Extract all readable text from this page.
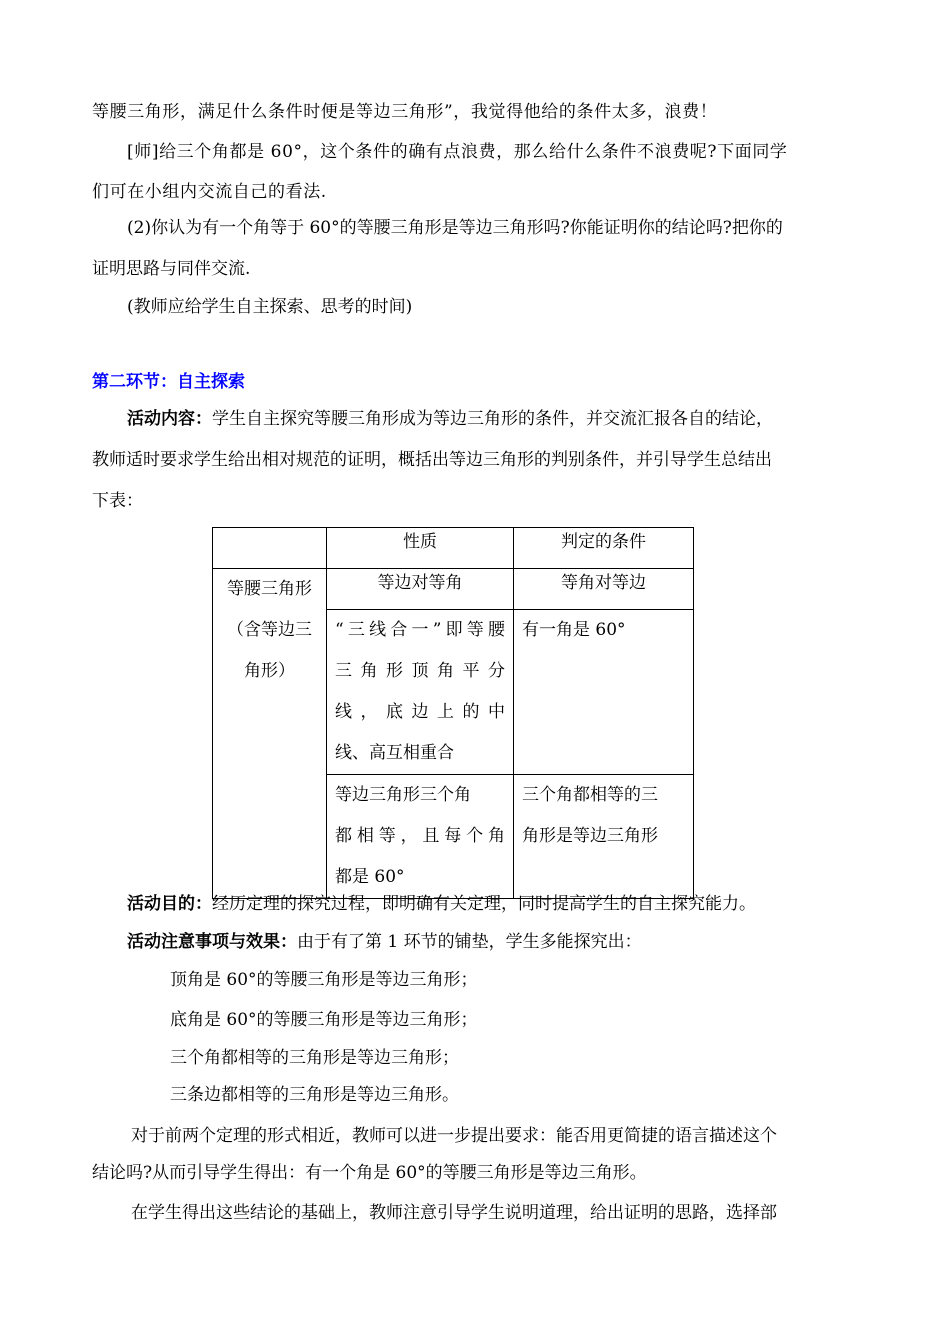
等腰三角形，满足什么条件时便是等边三角形”，我觉得他给的条件太多，浪费！
[师]给三个角都是 60°，这个条件的确有点浪费，那么给什么条件不浪费呢?下面同学
们可在小组内交流自己的看法.
(2)你认为有一个角等于 60°的等腰三角形是等边三角形吗?你能证明你的结论吗?把你的
证明思路与同伴交流.
(教师应给学生自主探索、思考的时间)
第二环节：自主探索
活动内容：学生自主探究等腰三角形成为等边三角形的条件，并交流汇报各自的结论，
教师适时要求学生给出相对规范的证明，概括出等边三角形的判别条件，并引导学生总结出
下表：
	性质	判定的条件

等腰三角形
（含等边三
角形）	等边对等角	等角对等边

	“三线合一”即等腰
三角形顶角平分
线，底边上的中
线、高互相重合	有一角是 60°

	等边三角形三个角
都相等，且每个角
都是 60°	三个角都相等的三
角形是等边三角形
活动目的：经历定理的探究过程，即明确有关定理，同时提高学生的自主探究能力。
活动注意事项与效果：由于有了第 1 环节的铺垫，学生多能探究出：
顶角是 60°的等腰三角形是等边三角形；
底角是 60°的等腰三角形是等边三角形；
三个角都相等的三角形是等边三角形；
三条边都相等的三角形是等边三角形。
对于前两个定理的形式相近，教师可以进一步提出要求：能否用更简捷的语言描述这个
结论吗?从而引导学生得出：有一个角是 60°的等腰三角形是等边三角形。
在学生得出这些结论的基础上，教师注意引导学生说明道理，给出证明的思路，选择部
